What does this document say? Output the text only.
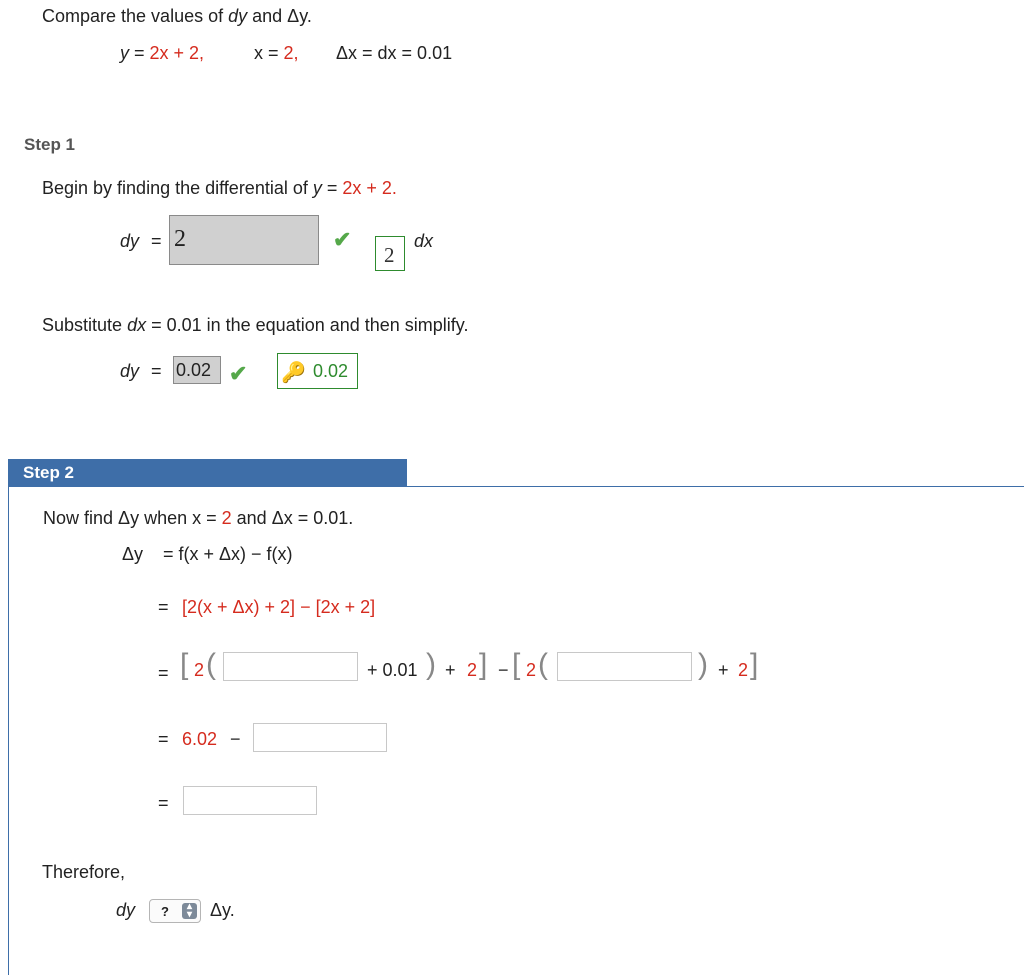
Compare the values of dy and Δy.
y = 2x + 2,	x = 2, Δx = dx = 0.01
Step 1
Begin by finding the differential of y = 2x + 2.
dy = 2	✔
2
dx
Substitute dx = 0.01 in the equation and then simplify.
dy = 0.02 ✔ 🔑 0.02
Step 2
Now find Δy when x = 2 and Δx = 0.01.
Δy = f(x + Δx) − f(x)
= [2(x + Δx) + 2] − [2x + 2]
= [ 2 (	+ 0.01 ) + 2 ] − [ 2 (	) + 2 ]
= 6.02 −
=
Therefore,
dy ?	▴
▾ Δy.
